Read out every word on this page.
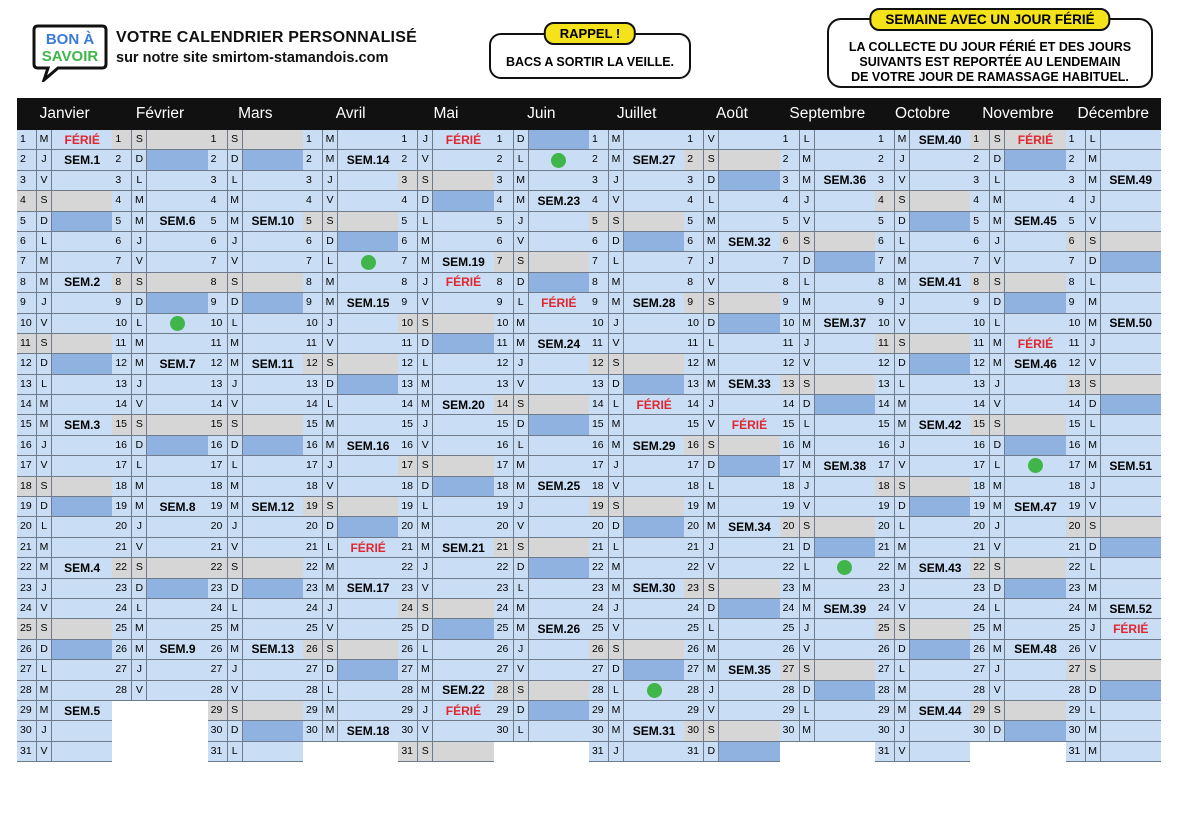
BON À
SAVOIR
VOTRE CALENDRIER PERSONNALISÉ
sur notre site smirtom-stamandois.com
RAPPEL !
BACS A SORTIR LA VEILLE.
SEMAINE AVEC UN JOUR FÉRIÉ
LA COLLECTE DU JOUR FÉRIÉ ET DES JOURS
SUIVANTS EST REPORTÉE AU LENDEMAIN
DE VOTRE JOUR DE RAMASSAGE HABITUEL.
Janvier	Février	Mars	Avril	Mai	Juin	Juillet	Août	Septembre	Octobre	Novembre	Décembre
1	M	FÉRIÉ
2	J	SEM.1
3	V
4	S
5	D
6	L
7	M
8	M	SEM.2
9	J
10 V
11 S
12 D
13 L
14 M
15 M	SEM.3
16 J
17 V
18 S
19 D
20 L
21 M
22 M	SEM.4
23 J
24 V
25 S
26 D
27 L
28 M
29 M	SEM.5
30 J
31 V
1	S
2	D
3	L
4	M
5	M	SEM.6
6	J
7	V
8	S
9	D
10 L
11 M
12 M	SEM.7
13 J
14 V
15 S
16 D
17 L
18 M
19 M	SEM.8
20 J
21 V
22 S
23 D
24 L
25 M
26 M	SEM.9
27 J
28 V
1	S
2	D
3	L
4	M
5	M	SEM.10
6	J
7	V
8	S
9	D
10 L
11 M
12 M	SEM.11
13 J
14 V
15 S
16 D
17 L
18 M
19 M	SEM.12
20 J
21 V
22 S
23 D
24 L
25 M
26 M	SEM.13
27 J
28 V
29 S
30 D
31 L
1	M
2	M	SEM.14
3	J
4	V
5	S
6	D
7	L
8	M
9	M	SEM.15
10 J
11 V
12 S
13 D
14 L
15 M
16 M	SEM.16
17 J
18 V
19 S
20 D
21 L	FÉRIÉ
22 M
23 M	SEM.17
24 J
25 V
26 S
27 D
28 L
29 M
30 M	SEM.18
1	J	FÉRIÉ
2	V
3	S
4	D
5	L
6	M
7	M	SEM.19
8	J	FÉRIÉ
9	V
10 S
11 D
12 L
13 M
14 M	SEM.20
15 J
16 V
17 S
18 D
19 L
20 M
21 M	SEM.21
22 J
23 V
24 S
25 D
26 L
27 M
28 M	SEM.22
29 J	FÉRIÉ
30 V
31 S
1	D
2	L
3	M
4	M	SEM.23
5	J
6	V
7	S
8	D
9	L	FÉRIÉ
10 M
11 M	SEM.24
12 J
13 V
14 S
15 D
16 L
17 M
18 M	SEM.25
19 J
20 V
21 S
22 D
23 L
24 M
25 M	SEM.26
26 J
27 V
28 S
29 D
30 L
1	M
2	M	SEM.27
3	J
4	V
5	S
6	D
7	L
8	M
9	M	SEM.28
10 J
11 V
12 S
13 D
14 L	FÉRIÉ
15 M
16 M	SEM.29
17 J
18 V
19 S
20 D
21 L
22 M
23 M	SEM.30
24 J
25 V
26 S
27 D
28 L
29 M
30 M	SEM.31
31 J
1	V
2	S
3	D
4	L
5	M
6	M	SEM.32
7	J
8	V
9	S
10 D
11 L
12 M
13 M	SEM.33
14 J
15 V	FÉRIÉ
16 S
17 D
18 L
19 M
20 M	SEM.34
21 J
22 V
23 S
24 D
25 L
26 M
27 M	SEM.35
28 J
29 V
30 S
31 D
1	L
2	M
3	M	SEM.36
4	J
5	V
6	S
7	D
8	L
9	M
10 M	SEM.37
11 J
12 V
13 S
14 D
15 L
16 M
17 M	SEM.38
18 J
19 V
20 S
21 D
22 L
23 M
24 M	SEM.39
25 J
26 V
27 S
28 D
29 L
30 M
1	M	SEM.40
2	J
3	V
4	S
5	D
6	L
7	M
8	M	SEM.41
9	J
10 V
11 S
12 D
13 L
14 M
15 M	SEM.42
16 J
17 V
18 S
19 D
20 L
21 M
22 M	SEM.43
23 J
24 V
25 S
26 D
27 L
28 M
29 M	SEM.44
30 J
31 V
1	S	FÉRIÉ
2	D
3	L
4	M
5	M	SEM.45
6	J
7	V
8	S
9	D
10 L
11 M	FÉRIÉ
12 M	SEM.46
13 J
14 V
15 S
16 D
17 L
18 M
19 M	SEM.47
20 J
21 V
22 S
23 D
24 L
25 M
26 M	SEM.48
27 J
28 V
29 S
30 D
1	L
2	M
3	M	SEM.49
4	J
5	V
6	S
7	D
8	L
9	M
10 M	SEM.50
11 J
12 V
13 S
14 D
15 L
16 M
17 M	SEM.51
18 J
19 V
20 S
21 D
22 L
23 M
24 M	SEM.52
25 J	FÉRIÉ
26 V
27 S
28 D
29 L
30 M
31 M
